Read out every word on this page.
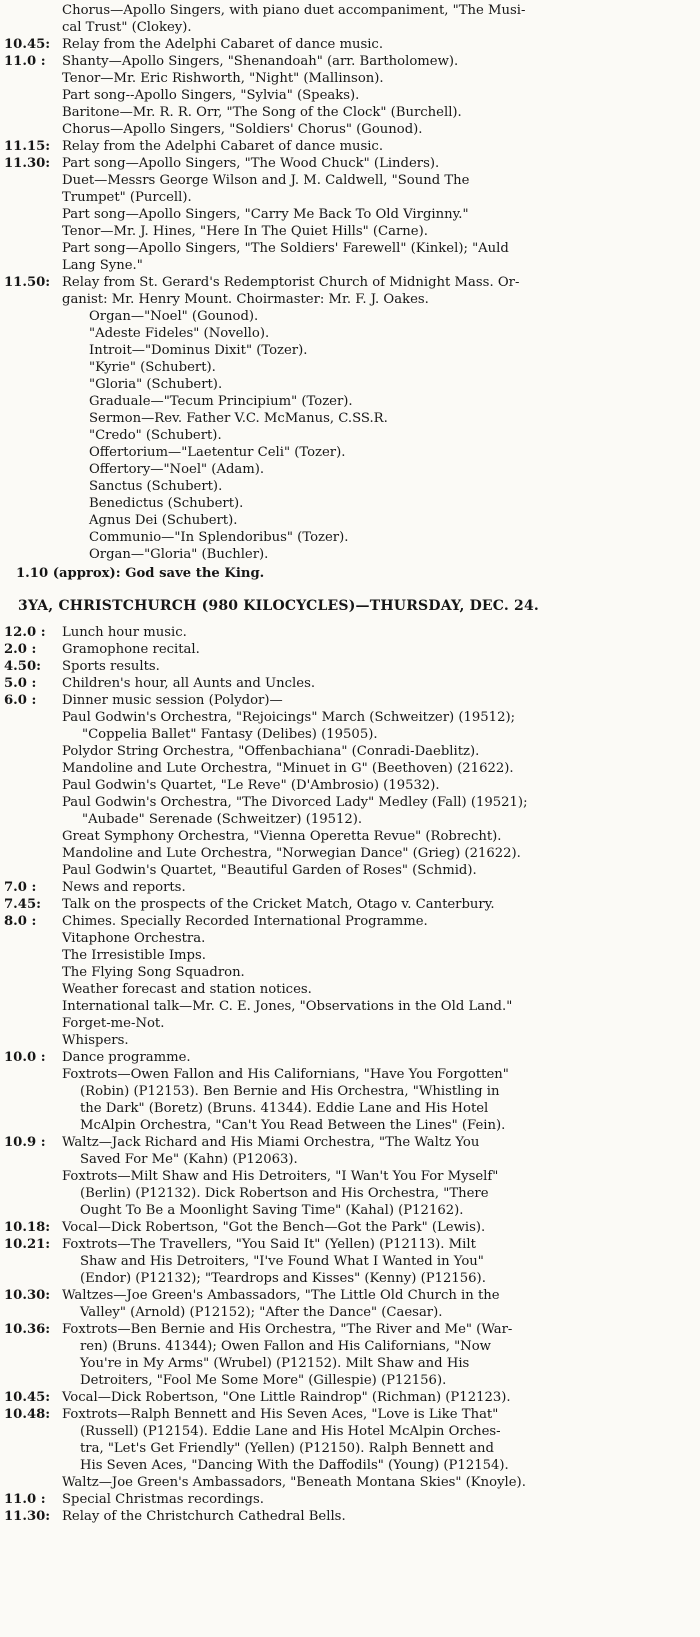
Chorus—Apollo Singers, with piano duet accompaniment, "The Musi-
cal Trust" (Clokey).
10.45: Relay from the Adelphi Cabaret of dance music.
11.0 :	Shanty—Apollo Singers, "Shenandoah" (arr. Bartholomew).
Tenor—Mr. Eric Rishworth, "Night" (Mallinson).
Part song--Apollo Singers, "Sylvia" (Speaks).
Baritone—Mr. R. R. Orr, "The Song of the Clock" (Burchell).
Chorus—Apollo Singers, "Soldiers' Chorus" (Gounod).
11.15: Relay from the Adelphi Cabaret of dance music.
11.30: Part song—Apollo Singers, "The Wood Chuck" (Linders).
Duet—Messrs George Wilson and J. M. Caldwell, "Sound The
Trumpet" (Purcell).
Part song—Apollo Singers, "Carry Me Back To Old Virginny."
Tenor—Mr. J. Hines, "Here In The Quiet Hills" (Carne).
Part song—Apollo Singers, "The Soldiers' Farewell" (Kinkel); "Auld
Lang Syne."
11.50: Relay from St. Gerard's Redemptorist Church of Midnight Mass. Or-
ganist: Mr. Henry Mount. Choirmaster: Mr. F. J. Oakes.
Organ—"Noel" (Gounod).
"Adeste Fideles" (Novello).
Introit—"Dominus Dixit" (Tozer).
"Kyrie" (Schubert).
"Gloria" (Schubert).
Graduale—"Tecum Principium" (Tozer).
Sermon—Rev. Father V.C. McManus, C.SS.R.
"Credo" (Schubert).
Offertorium—"Laetentur Celi" (Tozer).
Offertory—"Noel" (Adam).
Sanctus (Schubert).
Benedictus (Schubert).
Agnus Dei (Schubert).
Communio—"In Splendoribus" (Tozer).
Organ—"Gloria" (Buchler).
1.10 (approx): God save the King.
3YA, CHRISTCHURCH (980 KILOCYCLES)—THURSDAY, DEC. 24.
12.0 :	Lunch hour music.
2.0 :	Gramophone recital.
4.50:	Sports results.
5.0 :	Children's hour, all Aunts and Uncles.
6.0 :	Dinner music session (Polydor)—
Paul Godwin's Orchestra, "Rejoicings" March (Schweitzer) (19512);
"Coppelia Ballet" Fantasy (Delibes) (19505).
Polydor String Orchestra, "Offenbachiana" (Conradi-Daeblitz).
Mandoline and Lute Orchestra, "Minuet in G" (Beethoven) (21622).
Paul Godwin's Quartet, "Le Reve" (D'Ambrosio) (19532).
Paul Godwin's Orchestra, "The Divorced Lady" Medley (Fall) (19521);
"Aubade" Serenade (Schweitzer) (19512).
Great Symphony Orchestra, "Vienna Operetta Revue" (Robrecht).
Mandoline and Lute Orchestra, "Norwegian Dance" (Grieg) (21622).
Paul Godwin's Quartet, "Beautiful Garden of Roses" (Schmid).
7.0 :	News and reports.
7.45:	Talk on the prospects of the Cricket Match, Otago v. Canterbury.
8.0 :	Chimes. Specially Recorded International Programme.
Vitaphone Orchestra.
The Irresistible Imps.
The Flying Song Squadron.
Weather forecast and station notices.
International talk—Mr. C. E. Jones, "Observations in the Old Land."
Forget-me-Not.
Whispers.
10.0 :	Dance programme.
Foxtrots—Owen Fallon and His Californians, "Have You Forgotten"
(Robin) (P12153). Ben Bernie and His Orchestra, "Whistling in
the Dark" (Boretz) (Bruns. 41344). Eddie Lane and His Hotel
McAlpin Orchestra, "Can't You Read Between the Lines" (Fein).
10.9 :	Waltz—Jack Richard and His Miami Orchestra, "The Waltz You
Saved For Me" (Kahn) (P12063).
Foxtrots—Milt Shaw and His Detroiters, "I Wan't You For Myself"
(Berlin) (P12132). Dick Robertson and His Orchestra, "There
Ought To Be a Moonlight Saving Time" (Kahal) (P12162).
10.18: Vocal—Dick Robertson, "Got the Bench—Got the Park" (Lewis).
10.21: Foxtrots—The Travellers, "You Said It" (Yellen) (P12113). Milt
Shaw and His Detroiters, "I've Found What I Wanted in You"
(Endor) (P12132); "Teardrops and Kisses" (Kenny) (P12156).
10.30: Waltzes—Joe Green's Ambassadors, "The Little Old Church in the
Valley" (Arnold) (P12152); "After the Dance" (Caesar).
10.36: Foxtrots—Ben Bernie and His Orchestra, "The River and Me" (War-
ren) (Bruns. 41344); Owen Fallon and His Californians, "Now
You're in My Arms" (Wrubel) (P12152). Milt Shaw and His
Detroiters, "Fool Me Some More" (Gillespie) (P12156).
10.45: Vocal—Dick Robertson, "One Little Raindrop" (Richman) (P12123).
10.48: Foxtrots—Ralph Bennett and His Seven Aces, "Love is Like That"
(Russell) (P12154). Eddie Lane and His Hotel McAlpin Orches-
tra, "Let's Get Friendly" (Yellen) (P12150). Ralph Bennett and
His Seven Aces, "Dancing With the Daffodils" (Young) (P12154).
Waltz—Joe Green's Ambassadors, "Beneath Montana Skies" (Knoyle).
11.0 :	Special Christmas recordings.
11.30: Relay of the Christchurch Cathedral Bells.
